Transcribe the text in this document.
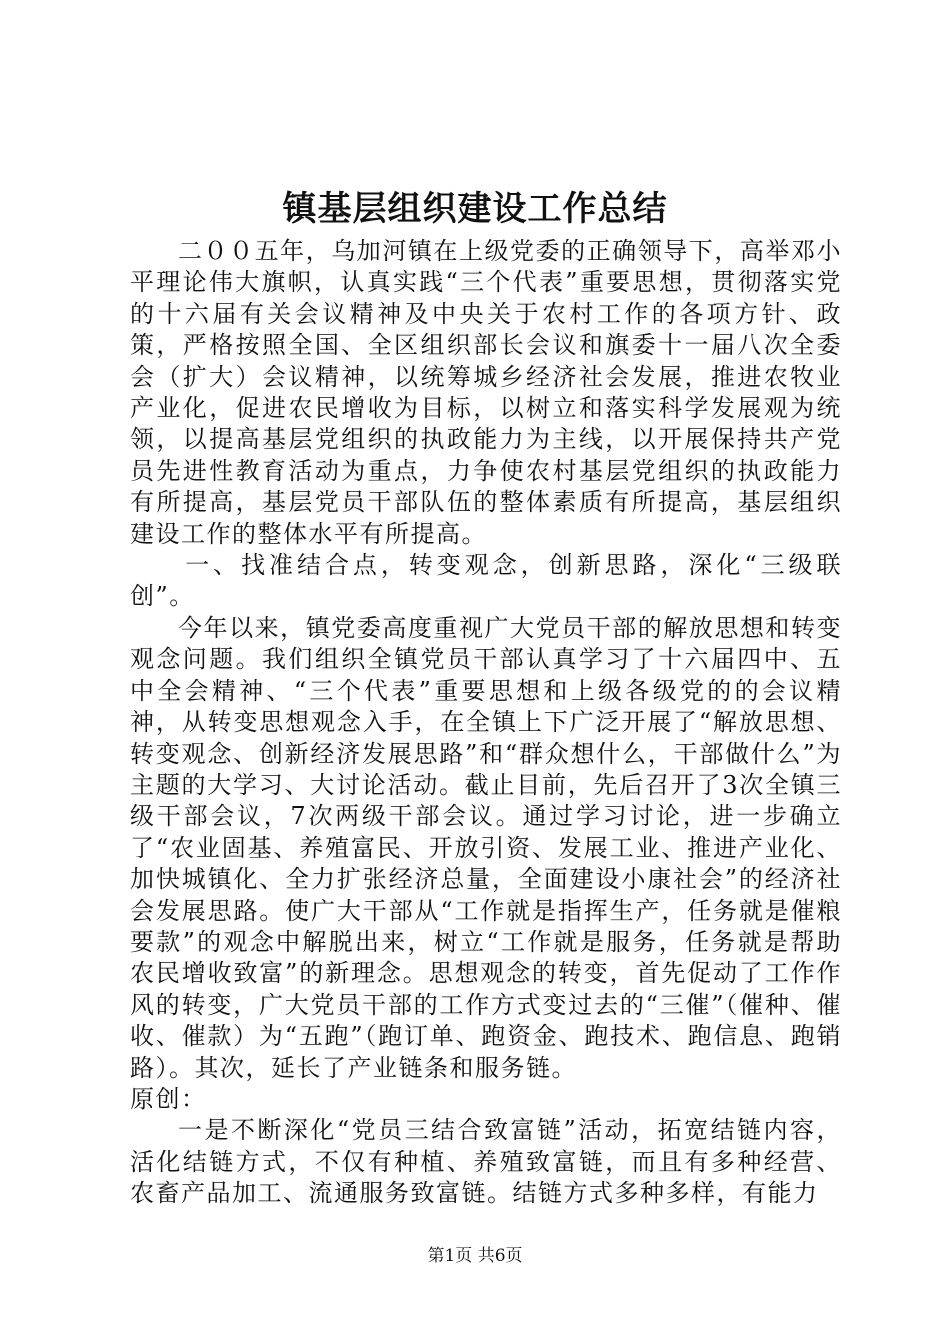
镇基层组织建设工作总结

二００五年，乌加河镇在上级党委的正确领导下，高举邓小平理论伟大旗帜，认真实践“三个代表”重要思想，贯彻落实党的十六届有关会议精神及中央关于农村工作的各项方针、政策，严格按照全国、全区组织部长会议和旗委十一届八次全委会（扩大）会议精神，以统筹城乡经济社会发展，推进农牧业产业化，促进农民增收为目标，以树立和落实科学发展观为统领，以提高基层党组织的执政能力为主线，以开展保持共产党员先进性教育活动为重点，力争使农村基层党组织的执政能力有所提高，基层党员干部队伍的整体素质有所提高，基层组织建设工作的整体水平有所提高。

一、找准结合点，转变观念，创新思路，深化“三级联创”。

今年以来，镇党委高度重视广大党员干部的解放思想和转变观念问题。我们组织全镇党员干部认真学习了十六届四中、五中全会精神、“三个代表”重要思想和上级各级党的的会议精神，从转变思想观念入手，在全镇上下广泛开展了“解放思想、转变观念、创新经济发展思路”和“群众想什么，干部做什么”为主题的大学习、大讨论活动。截止目前，先后召开了3次全镇三级干部会议，7次两级干部会议。通过学习讨论，进一步确立了“农业固基、养殖富民、开放引资、发展工业、推进产业化、加快城镇化、全力扩张经济总量，全面建设小康社会”的经济社会发展思路。使广大干部从“工作就是指挥生产，任务就是催粮要款”的观念中解脱出来，树立“工作就是服务，任务就是帮助农民增收致富”的新理念。思想观念的转变，首先促动了工作作风的转变，广大党员干部的工作方式变过去的“三催”（催种、催收、催款）为“五跑”（跑订单、跑资金、跑技术、跑信息、跑销路）。其次，延长了产业链条和服务链。

原创：

一是不断深化“党员三结合致富链”活动，拓宽结链内容，活化结链方式，不仅有种植、养殖致富链，而且有多种经营、农畜产品加工、流通服务致富链。结链方式多种多样，有能力

第1页 共6页
